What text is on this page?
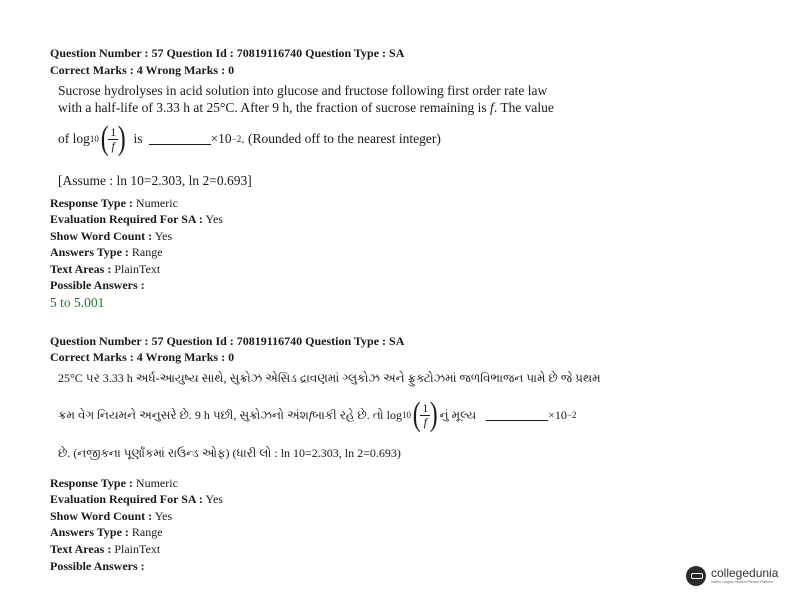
Question Number : 57 Question Id : 70819116740 Question Type : SA
Correct Marks : 4 Wrong Marks : 0
Sucrose hydrolyses in acid solution into glucose and fructose following first order rate law
with a half-life of 3.33 h at 25°C. After 9 h, the fraction of sucrose remaining is f. The value
of log 10 ( $\frac{1}{f}$ ) is	×10 −2 . (Rounded off to the nearest integer)
[Assume : ln 10=2.303, ln 2=0.693]
Response Type : Numeric
Evaluation Required For SA : Yes
Show Word Count : Yes
Answers Type : Range
Text Areas : PlainText
Possible Answers :
5 to 5.001
Question Number : 57 Question Id : 70819116740 Question Type : SA
Correct Marks : 4 Wrong Marks : 0
25°C પર 3.33 h અર્ધ-આયુષ્ય સાથે, સુક્રોઝ એસિડ દ્રાવણમાં ગ્લુકોઝ અને ફ્રુક્ટોઝમાં જળવિભાજન પામે છે જે પ્રથમ
ક્રમ વેગ નિયમને અનુસરે છે. 9 h પછી, સુક્રોઝનો અંશ f બાકી રહે છે. તો log 10 ( $\frac{1}{f}$ ) નું મૂલ્ય	×10 −2
છે. (નજીકના પૂર્ણાંકમાં રાઉન્ડ ઓફ) (ધારી લો : ln 10=2.303, ln 2=0.693)
Response Type : Numeric
Evaluation Required For SA : Yes
Show Word Count : Yes
Answers Type : Range
Text Areas : PlainText
Possible Answers :	collegedunia
India's Largest Student Review Platform
